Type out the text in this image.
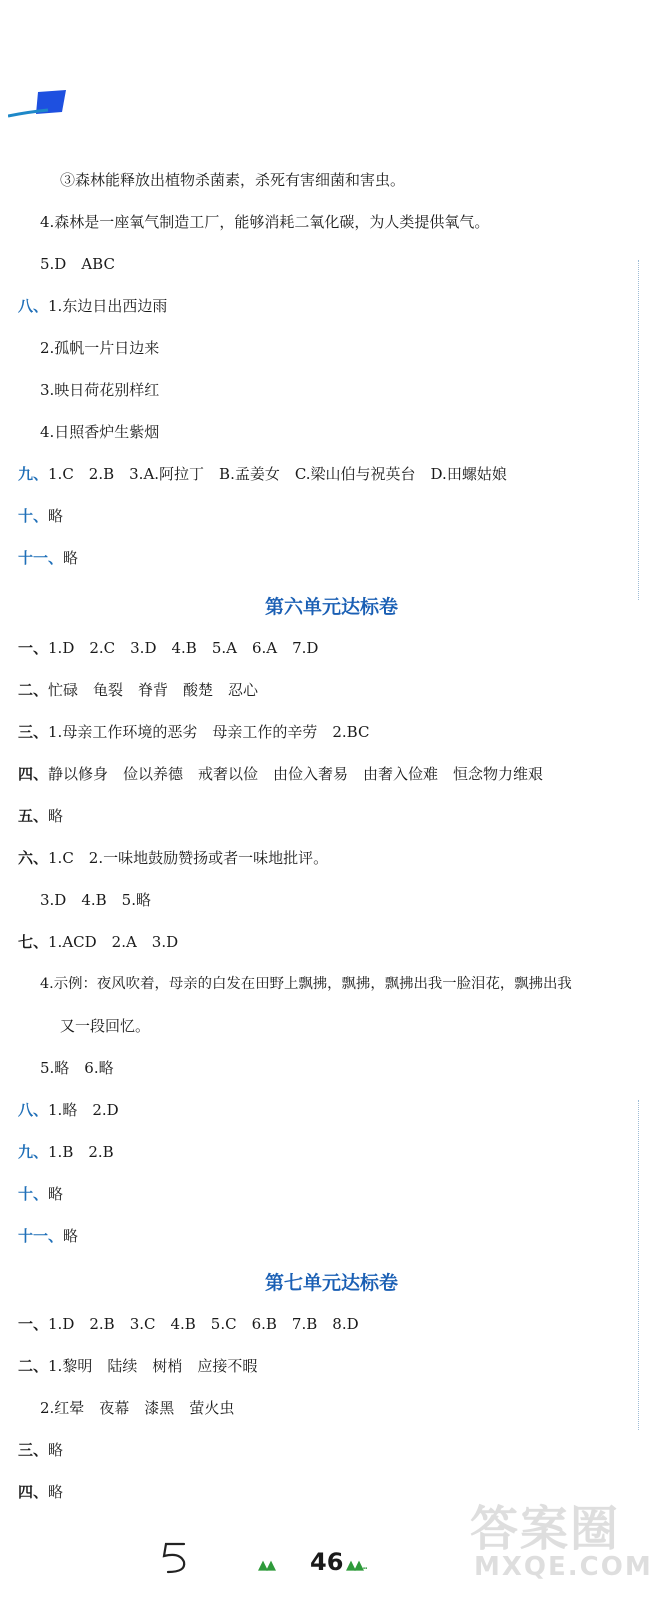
③森林能释放出植物杀菌素，杀死有害细菌和害虫。
4.森林是一座氧气制造工厂，能够消耗二氧化碳，为人类提供氧气。
5.D　ABC
八、1.东边日出西边雨
2.孤帆一片日边来
3.映日荷花别样红
4.日照香炉生紫烟
九、1.C　2.B　3.A.阿拉丁　B.孟姜女　C.梁山伯与祝英台　D.田螺姑娘
十、略
十一、略
第六单元达标卷
一、1.D　2.C　3.D　4.B　5.A　6.A　7.D
二、忙碌　龟裂　脊背　酸楚　忍心
三、1.母亲工作环境的恶劣　母亲工作的辛劳　2.BC
四、静以修身　俭以养德　戒奢以俭　由俭入奢易　由奢入俭难　恒念物力维艰
五、略
六、1.C　2.一味地鼓励赞扬或者一味地批评。
3.D　4.B　5.略
七、1.ACD　2.A　3.D
4.示例：夜风吹着，母亲的白发在田野上飘拂，飘拂，飘拂出我一脸泪花，飘拂出我
又一段回忆。
5.略　6.略
八、1.略　2.D
九、1.B　2.B
十、略
十一、略
第七单元达标卷
一、1.D　2.B　3.C　4.B　5.C　6.B　7.B　8.D
二、1.黎明　陆续　树梢　应接不暇
2.红晕　夜幕　漆黑　萤火虫
三、略
四、略
▲▲ 46 ▲▲..
答案圈
MXQE.COM
